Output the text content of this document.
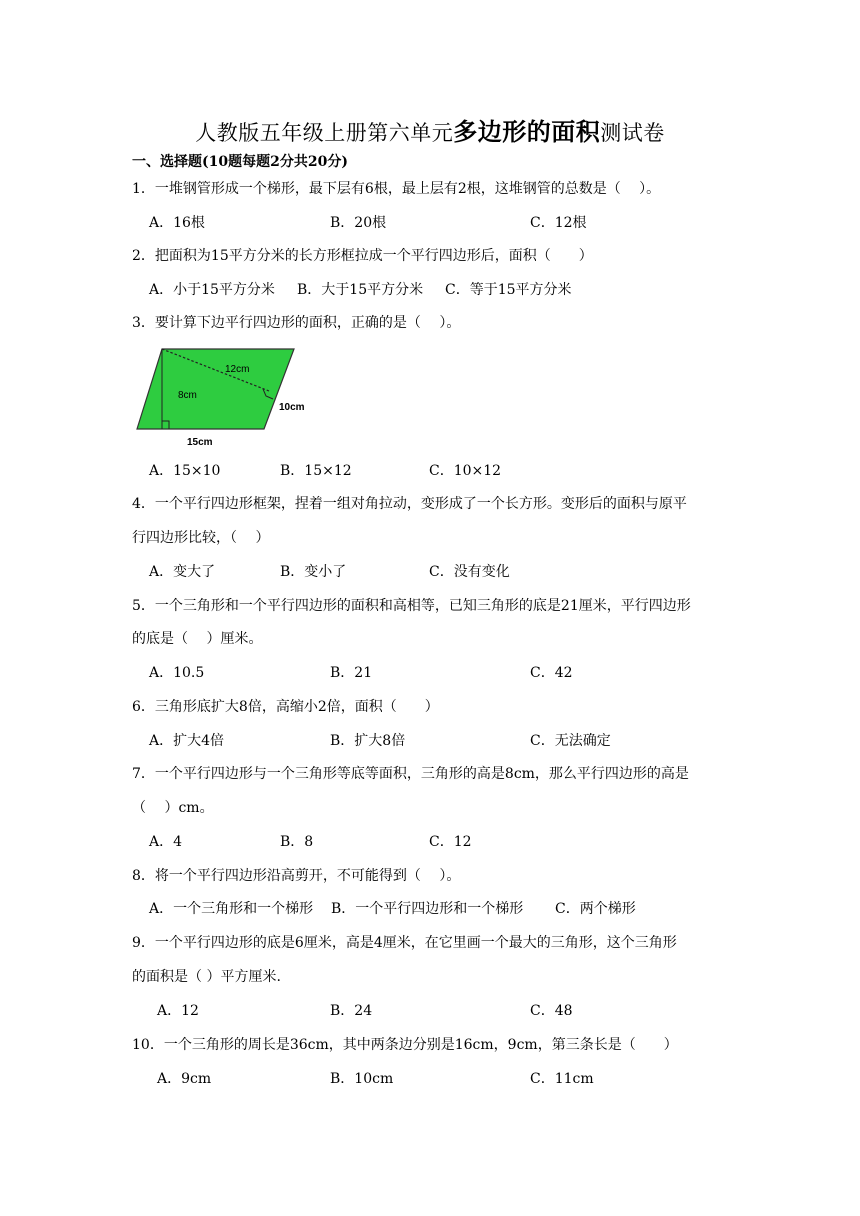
人教版五年级上册第六单元多边形的面积测试卷
一、选择题(10题每题2分共20分)
1．一堆钢管形成一个梯形，最下层有6根，最上层有2根，这堆钢管的总数是（　 ）。
A．16根	B．20根	C．12根
2．把面积为15平方分米的长方形框拉成一个平行四边形后，面积（　　）
A．小于15平方分米 B．大于15平方分米 C．等于15平方分米
3．要计算下边平行四边形的面积，正确的是（　 ）。
12cm
8cm
10cm
15cm
A．15×10	B．15×12	C．10×12
4．一个平行四边形框架，捏着一组对角拉动，变形成了一个长方形。变形后的面积与原平
行四边形比较，（　 ）
A．变大了	B．变小了	C．没有变化
5．一个三角形和一个平行四边形的面积和高相等，已知三角形的底是21厘米，平行四边形
的底是（　 ）厘米。
A．10.5	B．21	C．42
6．三角形底扩大8倍，高缩小2倍，面积（　　）
A．扩大4倍	B．扩大8倍	C．无法确定
7．一个平行四边形与一个三角形等底等面积，三角形的高是8cm，那么平行四边形的高是
（　 ）cm。
A．4	B．8	C．12
8．将一个平行四边形沿高剪开，不可能得到（　 ）。
A．一个三角形和一个梯形 B．一个平行四边形和一个梯形 C．两个梯形
9．一个平行四边形的底是6厘米，高是4厘米，在它里画一个最大的三角形，这个三角形
的面积是（ ）平方厘米.
A．12	B．24	C．48
10．一个三角形的周长是36cm，其中两条边分别是16cm，9cm，第三条长是（　　）
A．9cm	B．10cm	C．11cm
